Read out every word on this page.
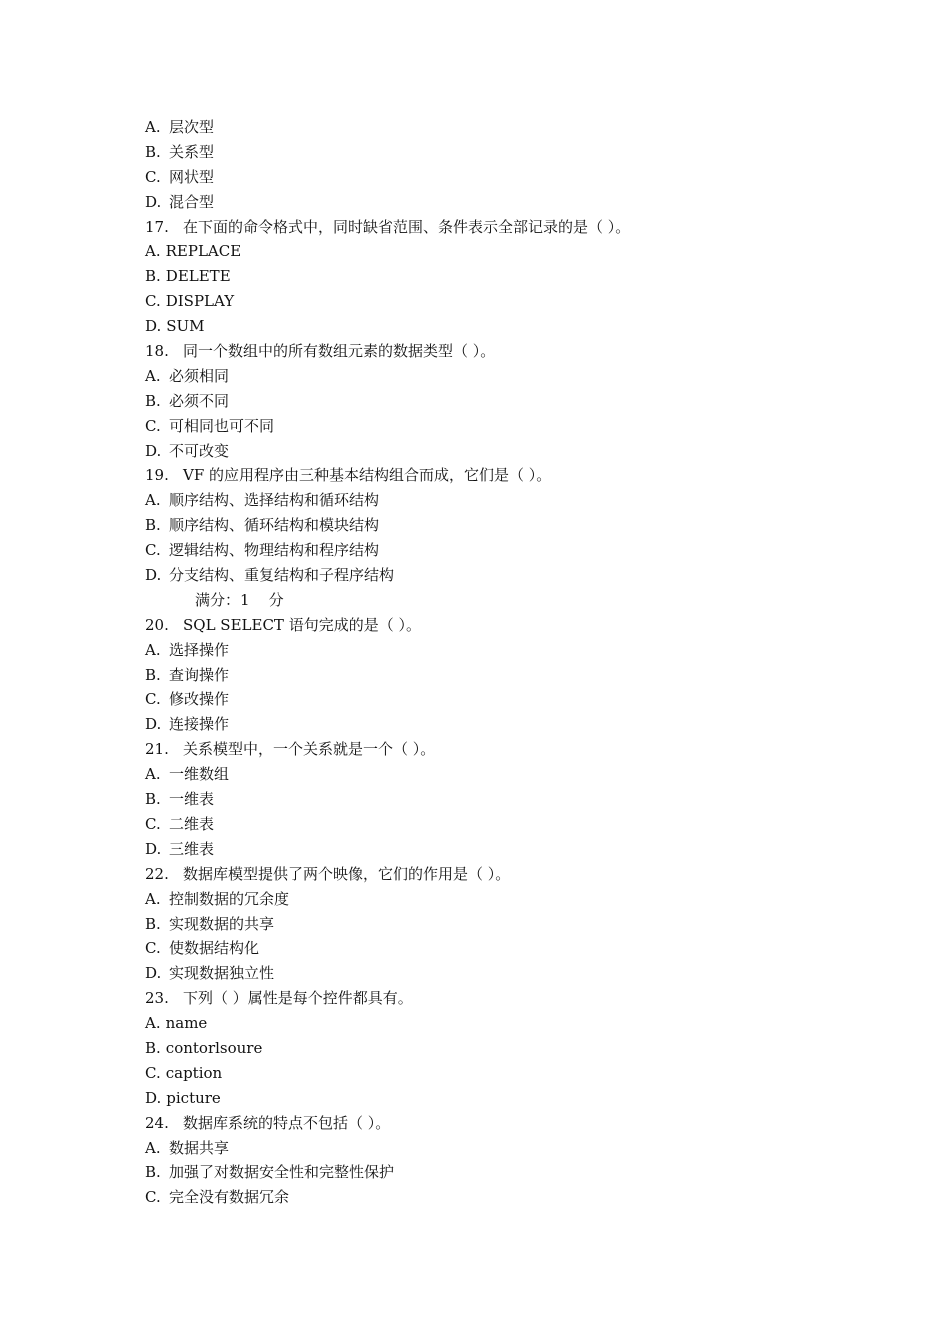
A. 层次型
B. 关系型
C. 网状型
D. 混合型
17. 在下面的命令格式中，同时缺省范围、条件表示全部记录的是（ ）。
A. REPLACE
B. DELETE
C. DISPLAY
D. SUM
18. 同一个数组中的所有数组元素的数据类型（ ）。
A. 必须相同
B. 必须不同
C. 可相同也可不同
D. 不可改变
19. VF 的应用程序由三种基本结构组合而成，它们是（ ）。
A. 顺序结构、选择结构和循环结构
B. 顺序结构、循环结构和模块结构
C. 逻辑结构、物理结构和程序结构
D. 分支结构、重复结构和子程序结构
满分：1    分
20. SQL SELECT 语句完成的是（ ）。
A. 选择操作
B. 查询操作
C. 修改操作
D. 连接操作
21. 关系模型中，一个关系就是一个（ ）。
A. 一维数组
B. 一维表
C. 二维表
D. 三维表
22. 数据库模型提供了两个映像，它们的作用是（ ）。
A. 控制数据的冗余度
B. 实现数据的共享
C. 使数据结构化
D. 实现数据独立性
23. 下列（ ）属性是每个控件都具有。
A. name
B. contorlsoure
C. caption
D. picture
24. 数据库系统的特点不包括（ ）。
A. 数据共享
B. 加强了对数据安全性和完整性保护
C. 完全没有数据冗余
